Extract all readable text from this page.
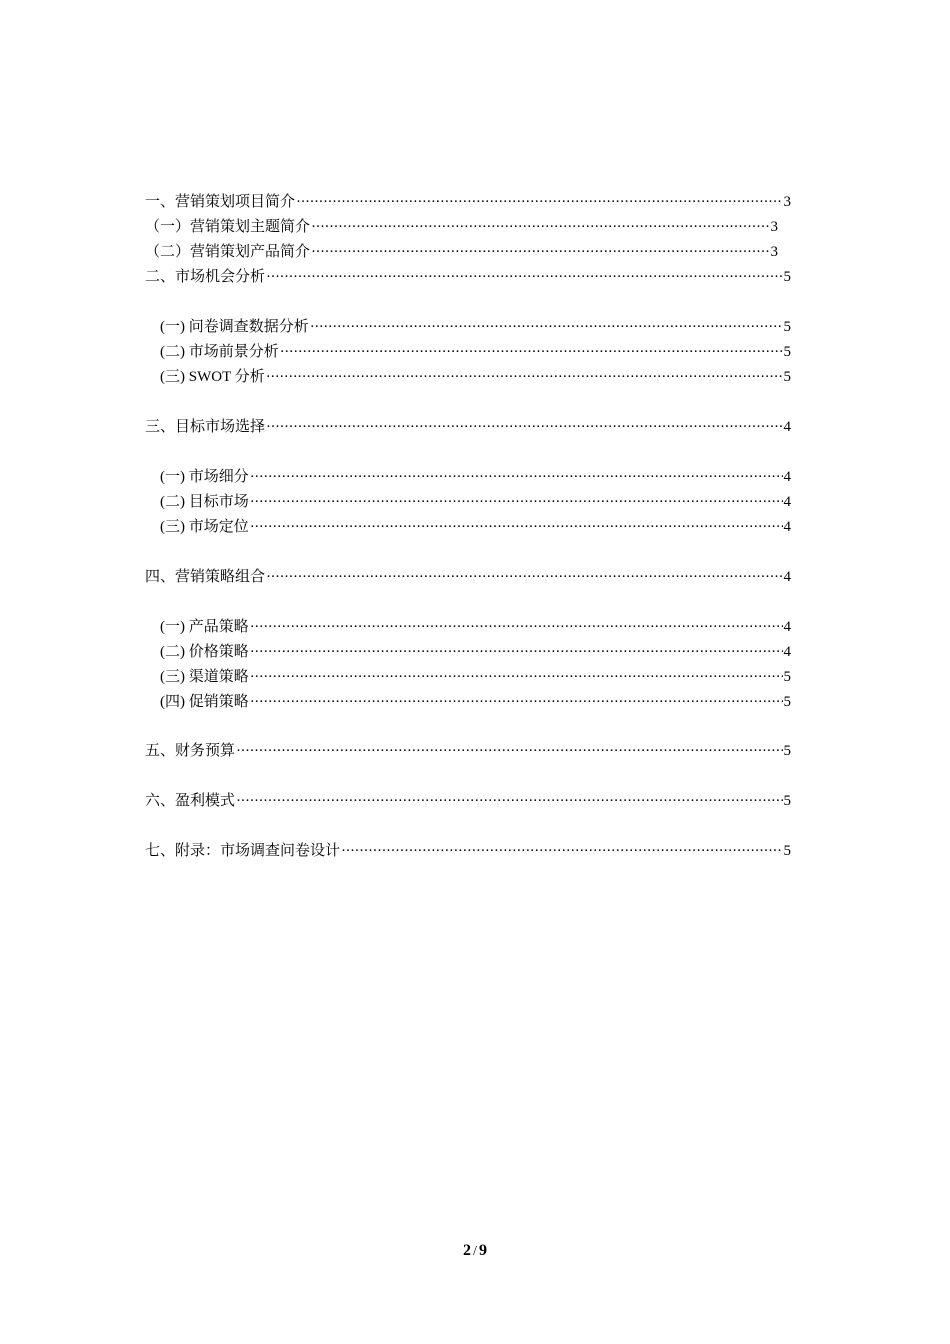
一、营销策划项目简介 ·····	3
（一）营销策划主题简介 ·····	3
（二）营销策划产品简介 ·····	3
二、市场机会分析 ·····	5
(一) 问卷调查数据分析 ·····	5
(二) 市场前景分析 ·····	5
(三) SWOT 分析 ·····	5
三、目标市场选择 ·····	4
(一) 市场细分 ·····	4
(二) 目标市场 ·····	4
(三) 市场定位 ·····	4
四、营销策略组合 ·····	4
(一) 产品策略 ·····	4
(二) 价格策略 ·····	4
(三) 渠道策略 ·····	5
(四) 促销策略 ·····	5
五、财务预算 ·····	5
六、盈利模式 ·····	5
七、附录：市场调查问卷设计 ·····	5
2 / 9
